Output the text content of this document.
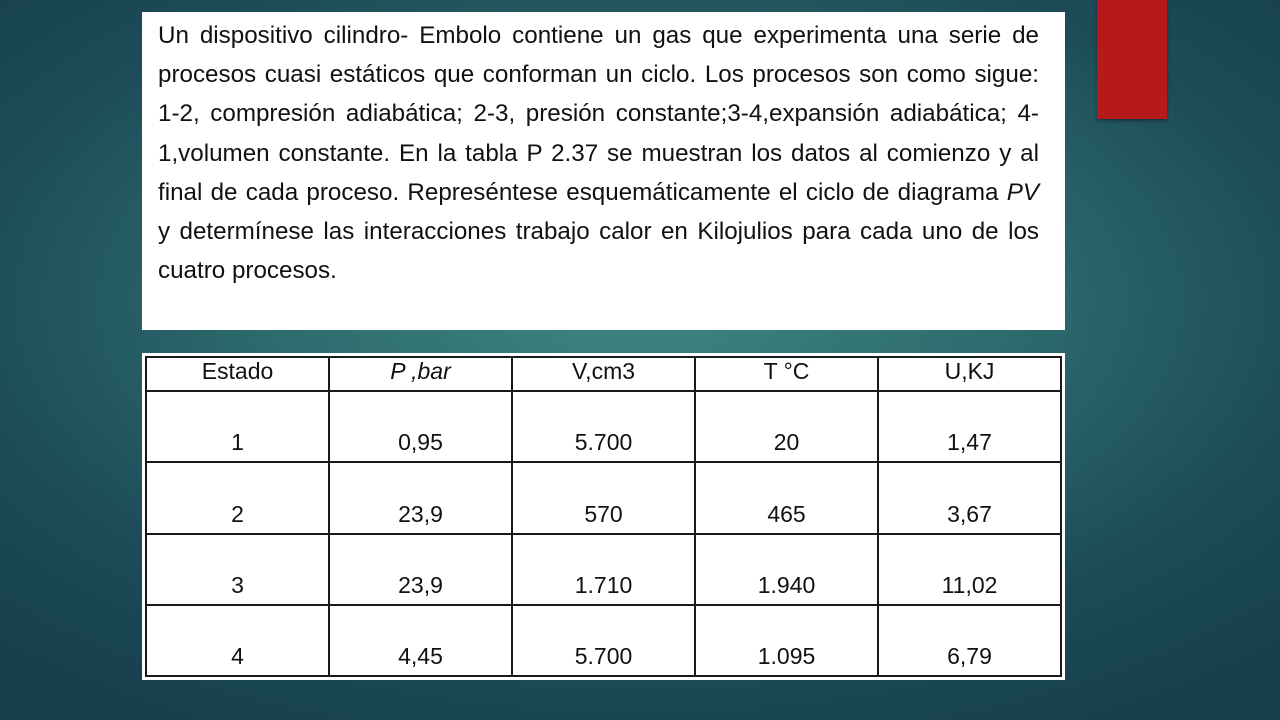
Un dispositivo cilindro- Embolo contiene un gas que experimenta una serie de procesos cuasi estáticos que conforman un ciclo. Los procesos son como sigue: 1-2, compresión adiabática; 2-3, presión constante;3-4,expansión adiabática; 4-1,volumen constante. En la tabla P 2.37 se muestran los datos al comienzo y al final de cada proceso. Represéntese esquemáticamente el ciclo de diagrama PV y determínese las interacciones trabajo calor en Kilojulios para cada uno de los cuatro procesos.

Estado	P ,bar	V,cm3	T °C	U,KJ
1	0,95	5.700	20	1,47
2	23,9	570	465	3,67
3	23,9	1.710	1.940	11,02
4	4,45	5.700	1.095	6,79
